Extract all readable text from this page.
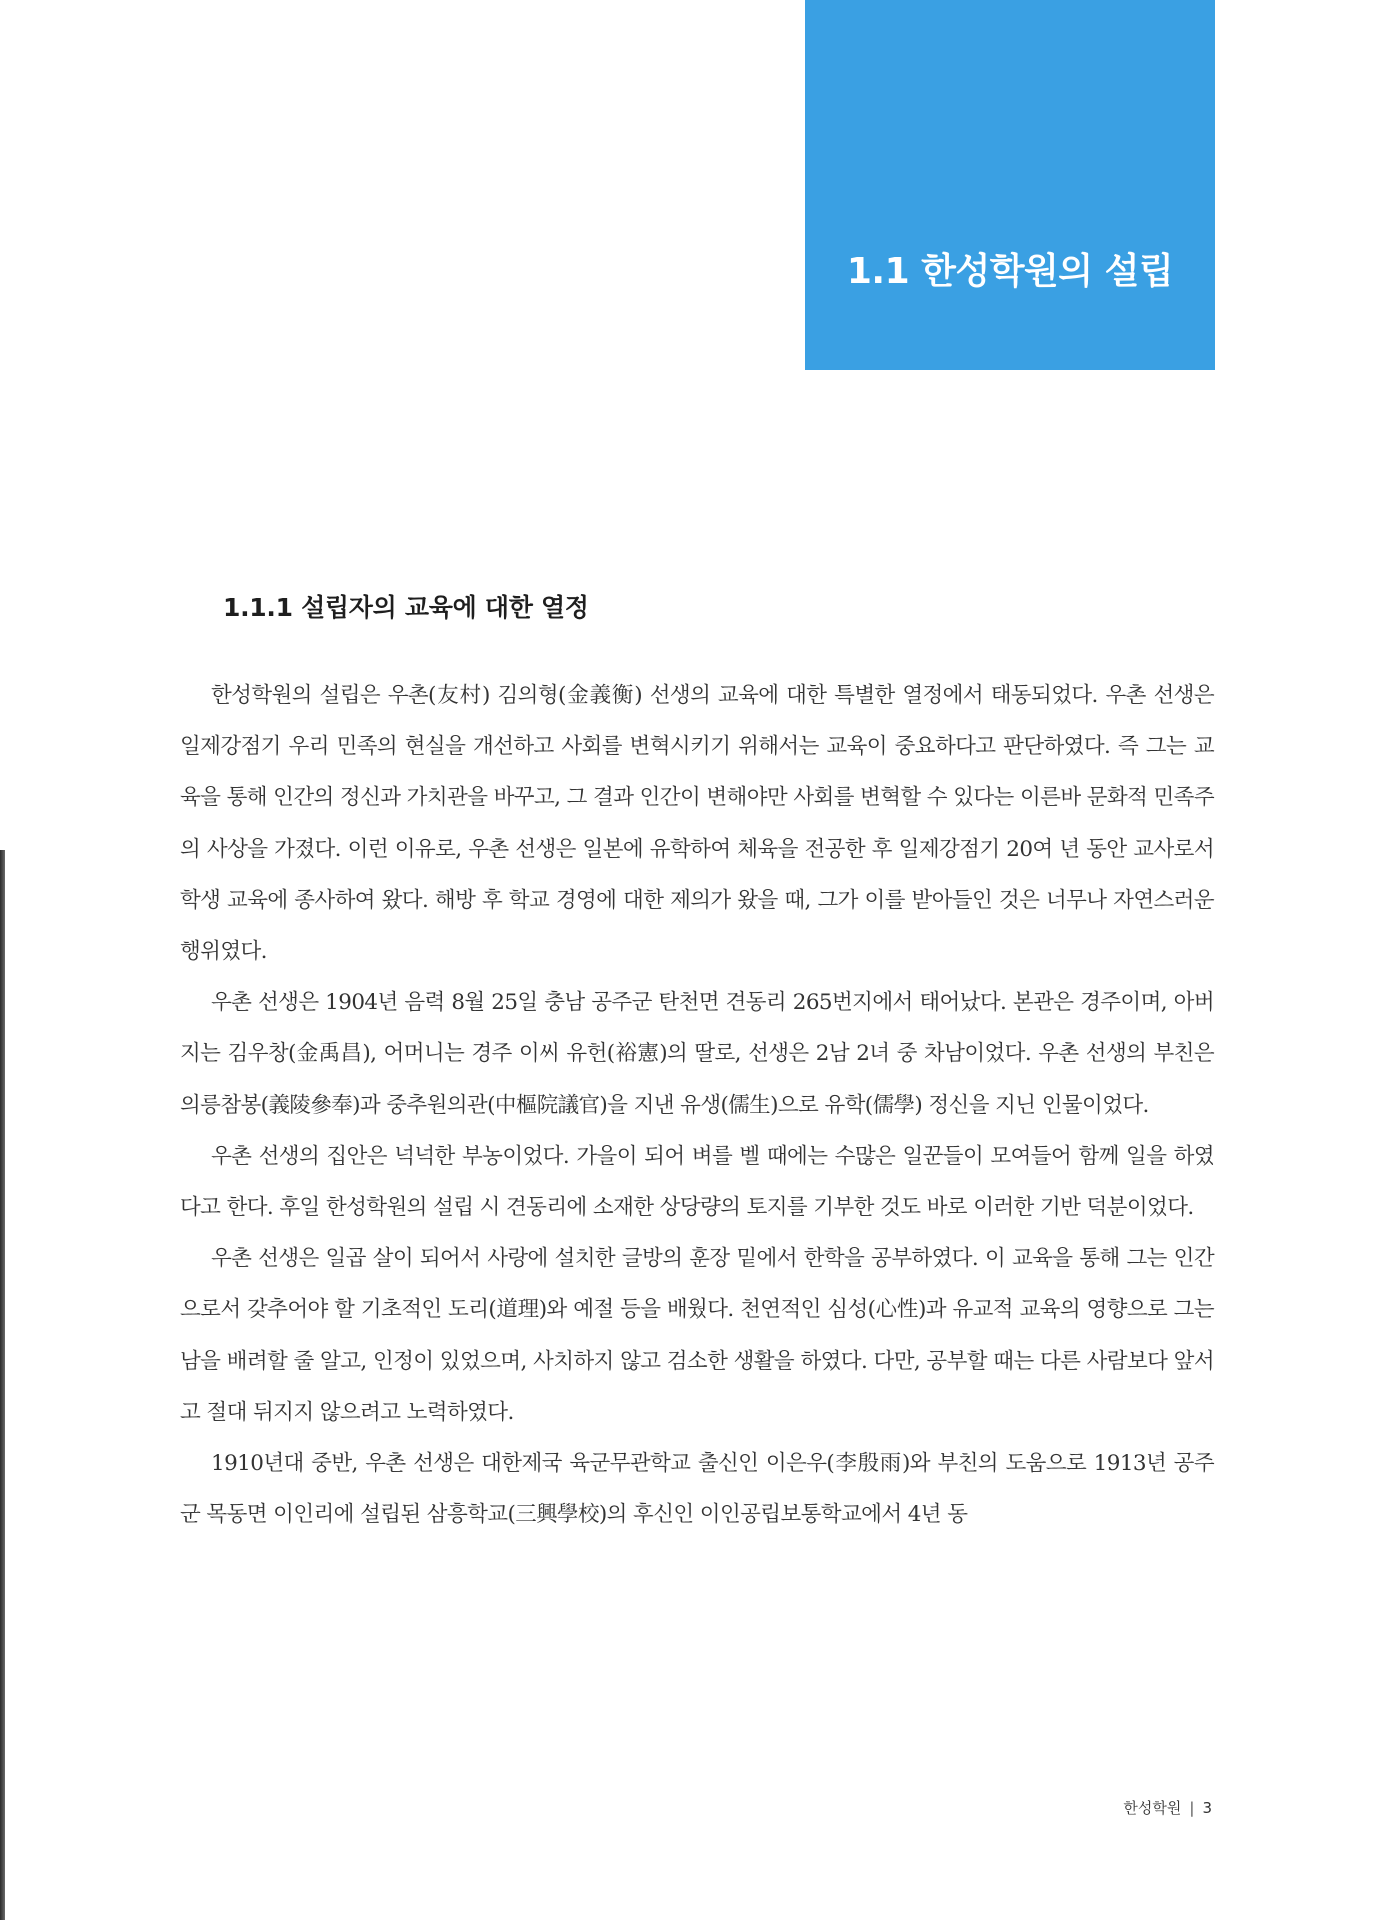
1.1 한성학원의 설립
1.1.1 설립자의 교육에 대한 열정

한성학원의 설립은 우촌(友村) 김의형(金義衡) 선생의 교육에 대한 특별한 열정에서 태동되었다. 우촌 선생은 일제강점기 우리 민족의 현실을 개선하고 사회를 변혁시키기 위해서는 교육이 중요하다고 판단하였다. 즉 그는 교육을 통해 인간의 정신과 가치관을 바꾸고, 그 결과 인간이 변해야만 사회를 변혁할 수 있다는 이른바 문화적 민족주의 사상을 가졌다. 이런 이유로, 우촌 선생은 일본에 유학하여 체육을 전공한 후 일제강점기 20여 년 동안 교사로서 학생 교육에 종사하여 왔다. 해방 후 학교 경영에 대한 제의가 왔을 때, 그가 이를 받아들인 것은 너무나 자연스러운 행위였다.

우촌 선생은 1904년 음력 8월 25일 충남 공주군 탄천면 견동리 265번지에서 태어났다. 본관은 경주이며, 아버지는 김우창(金禹昌), 어머니는 경주 이씨 유헌(裕憲)의 딸로, 선생은 2남 2녀 중 차남이었다. 우촌 선생의 부친은 의릉참봉(義陵參奉)과 중추원의관(中樞院議官)을 지낸 유생(儒生)으로 유학(儒學) 정신을 지닌 인물이었다.

우촌 선생의 집안은 넉넉한 부농이었다. 가을이 되어 벼를 벨 때에는 수많은 일꾼들이 모여들어 함께 일을 하였다고 한다. 후일 한성학원의 설립 시 견동리에 소재한 상당량의 토지를 기부한 것도 바로 이러한 기반 덕분이었다.

우촌 선생은 일곱 살이 되어서 사랑에 설치한 글방의 훈장 밑에서 한학을 공부하였다. 이 교육을 통해 그는 인간으로서 갖추어야 할 기초적인 도리(道理)와 예절 등을 배웠다. 천연적인 심성(心性)과 유교적 교육의 영향으로 그는 남을 배려할 줄 알고, 인정이 있었으며, 사치하지 않고 검소한 생활을 하였다. 다만, 공부할 때는 다른 사람보다 앞서고 절대 뒤지지 않으려고 노력하였다.

1910년대 중반, 우촌 선생은 대한제국 육군무관학교 출신인 이은우(李殷雨)와 부친의 도움으로 1913년 공주군 목동면 이인리에 설립된 삼흥학교(三興學校)의 후신인 이인공립보통학교에서 4년 동

한성학원 | 3
